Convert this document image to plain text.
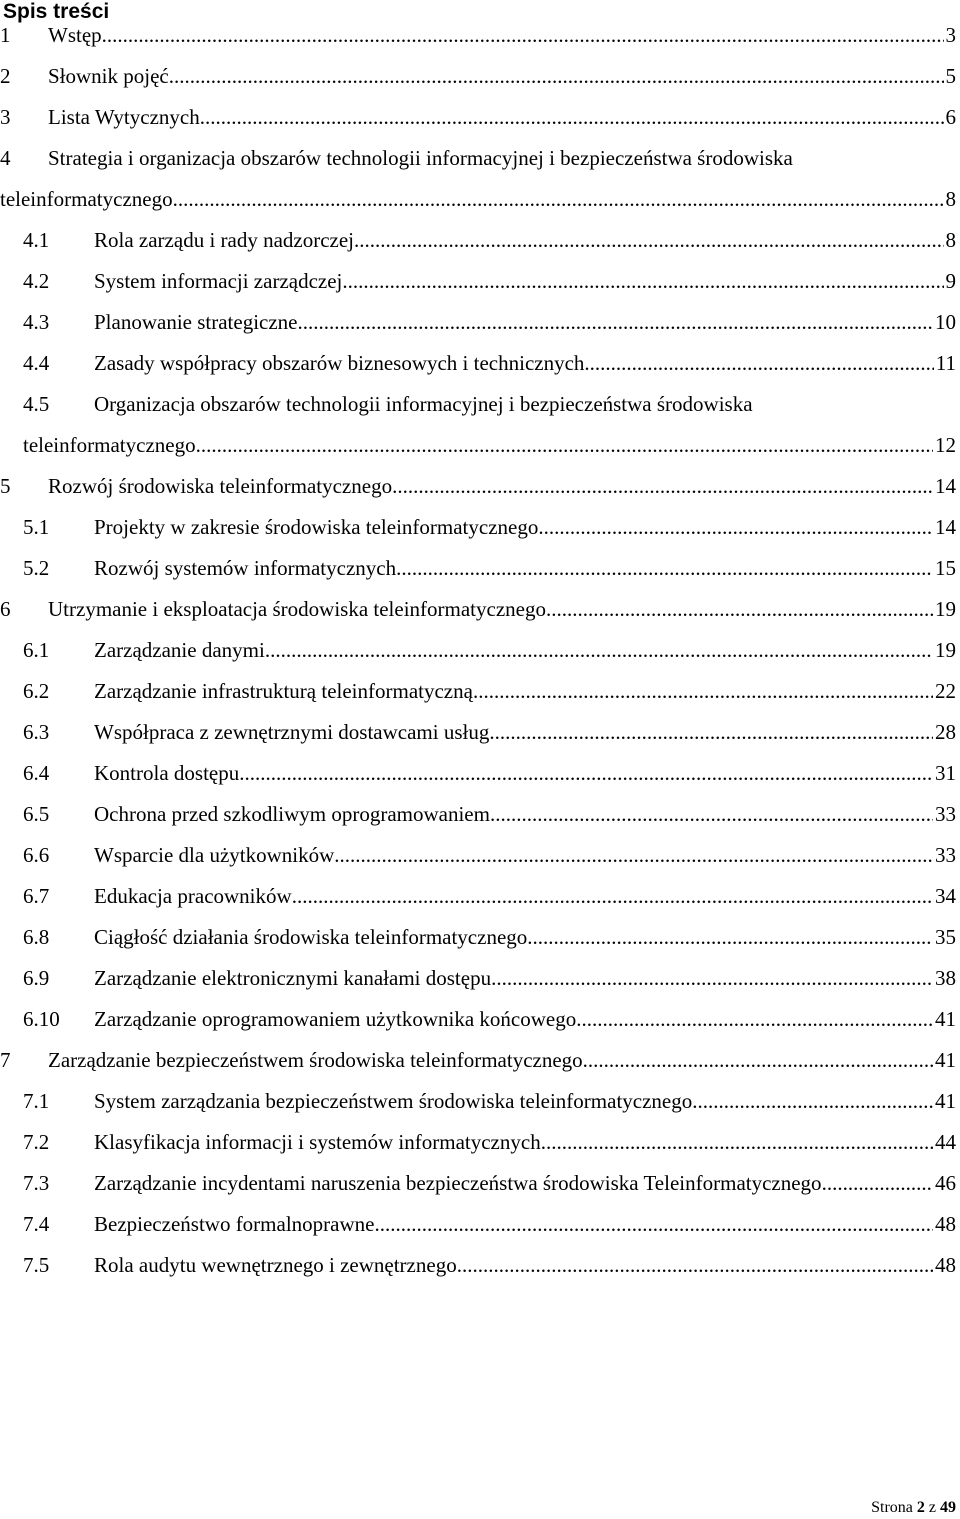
Spis treści
1 Wstęp. .....	3
2 Słownik pojęć. .....	5
3 Lista Wytycznych. .....	6
4 Strategia i organizacja obszarów technologii informacyjnej i bezpieczeństwa środowiska
teleinformatycznego. .....	8
4.1 Rola zarządu i rady nadzorczej .....	8
4.2 System informacji zarządczej .....	9
4.3 Planowanie strategiczne .....	10
4.4 Zasady współpracy obszarów biznesowych i technicznych .....	11
4.5 Organizacja obszarów technologii informacyjnej i bezpieczeństwa środowiska
teleinformatycznego .....	12
5 Rozwój środowiska teleinformatycznego. .....	14
5.1 Projekty w zakresie środowiska teleinformatycznego .....	14
5.2 Rozwój systemów informatycznych .....	15
6 Utrzymanie i eksploatacja środowiska teleinformatycznego. .....	19
6.1 Zarządzanie danymi .....	19
6.2 Zarządzanie infrastrukturą teleinformatyczną .....	22
6.3 Współpraca z zewnętrznymi dostawcami usług .....	28
6.4 Kontrola dostępu .....	31
6.5 Ochrona przed szkodliwym oprogramowaniem .....	33
6.6 Wsparcie dla użytkowników .....	33
6.7 Edukacja pracowników .....	34
6.8 Ciągłość działania środowiska teleinformatycznego .....	35
6.9 Zarządzanie elektronicznymi kanałami dostępu .....	38
6.10 Zarządzanie oprogramowaniem użytkownika końcowego .....	41
7 Zarządzanie bezpieczeństwem środowiska teleinformatycznego. .....	41
7.1 System zarządzania bezpieczeństwem środowiska teleinformatycznego .....	41
7.2 Klasyfikacja informacji i systemów informatycznych .....	44
7.3 Zarządzanie incydentami naruszenia bezpieczeństwa środowiska Teleinformatycznego .....	46
7.4 Bezpieczeństwo formalnoprawne .....	48
7.5 Rola audytu wewnętrznego i zewnętrznego .....	48
Strona 2 z 49
